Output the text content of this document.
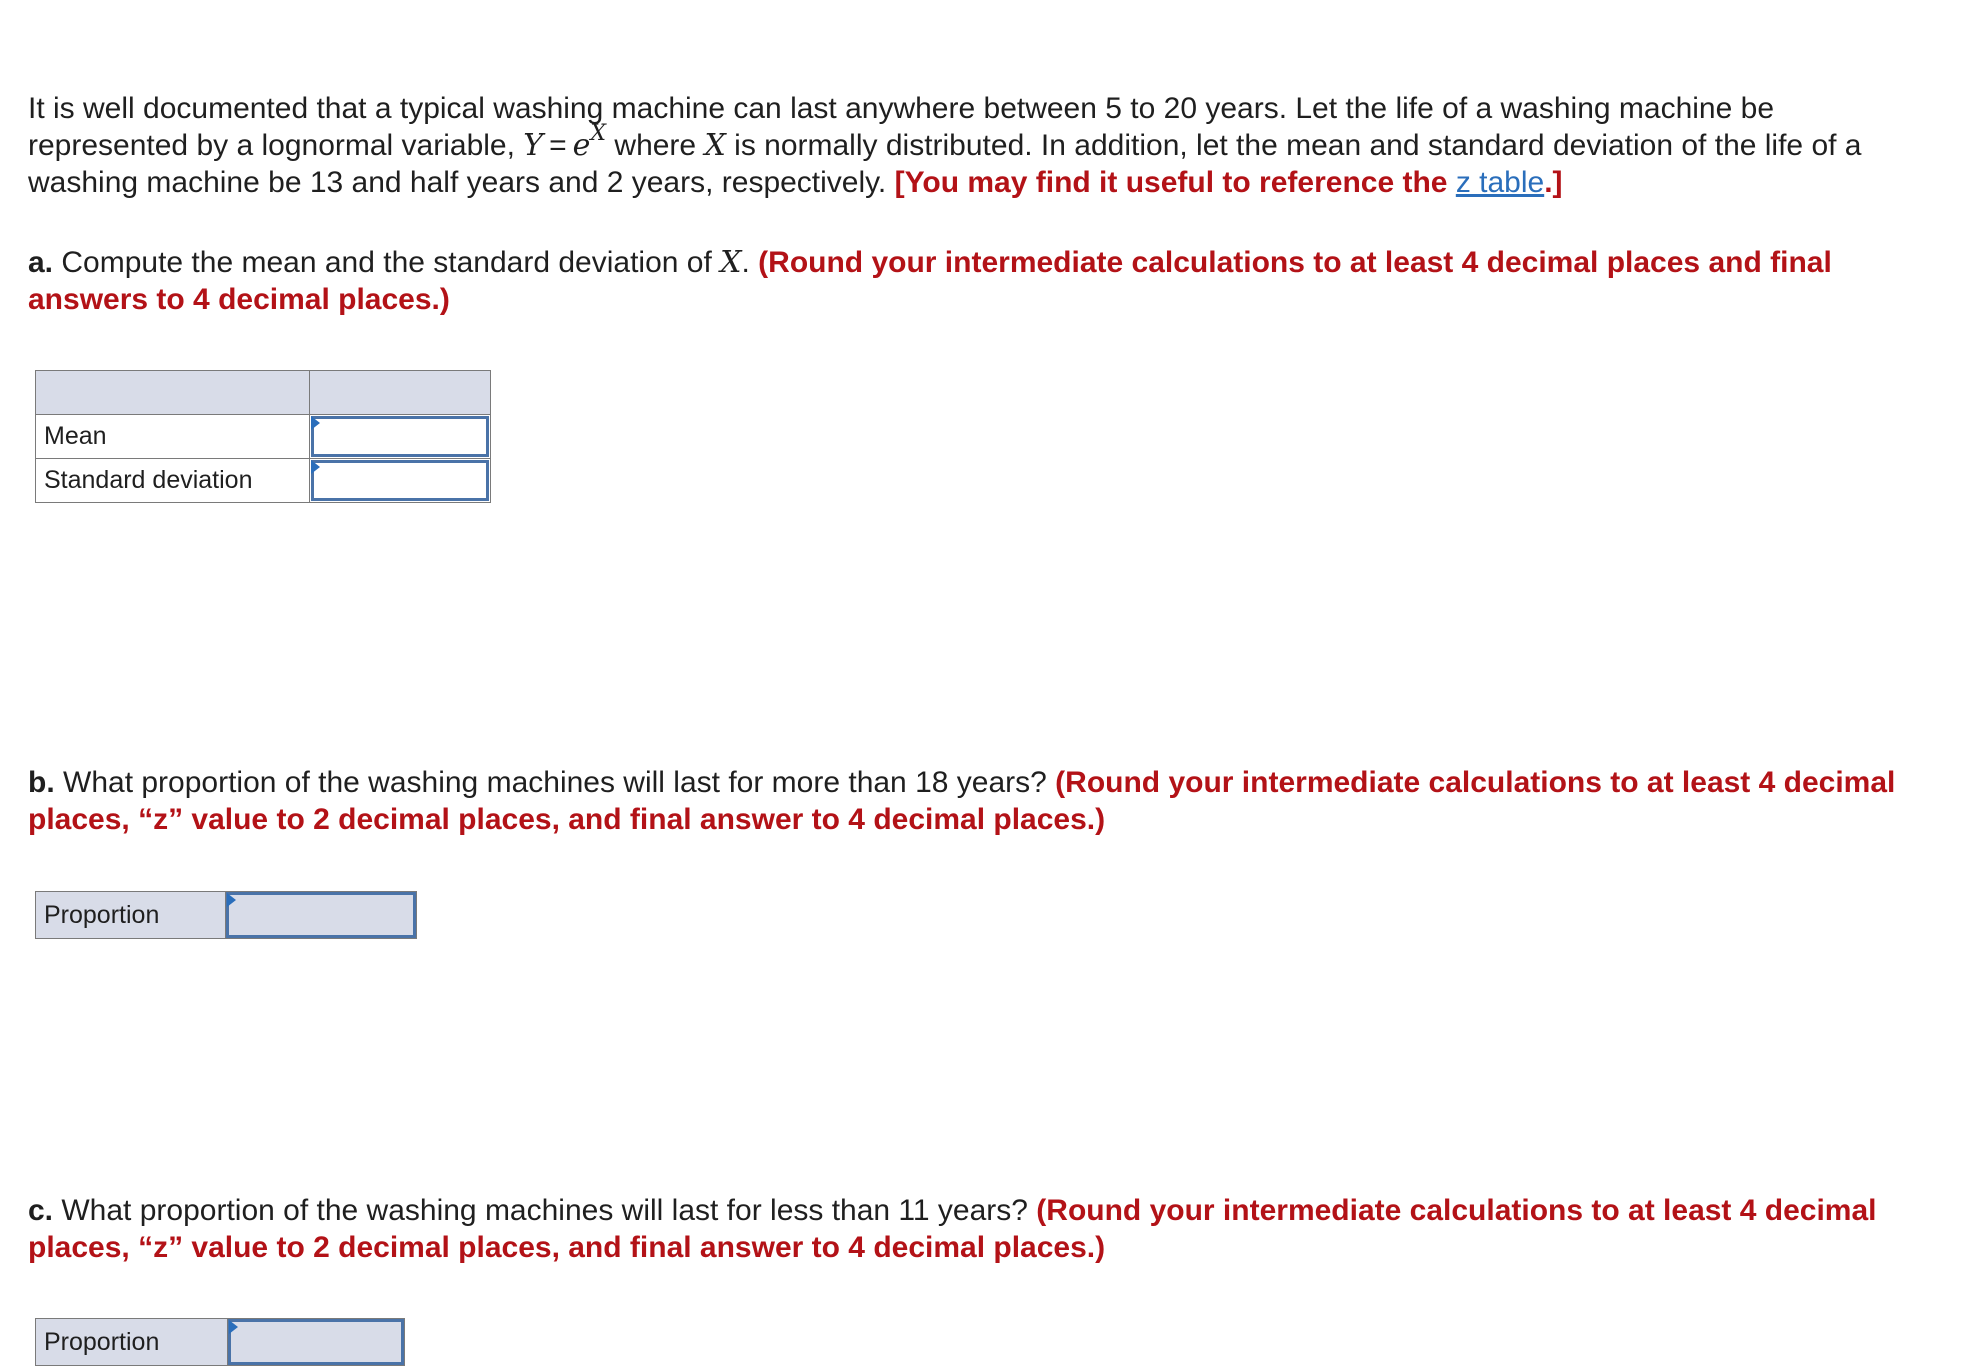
It is well documented that a typical washing machine can last anywhere between 5 to 20 years. Let the life of a washing machine be represented by a lognormal variable, $Y = e^X$ where X is normally distributed. In addition, let the mean and standard deviation of the life of a washing machine be 13 and half years and 2 years, respectively. [You may find it useful to reference the z table.]

a. Compute the mean and the standard deviation of X. (Round your intermediate calculations to at least 4 decimal places and final answers to 4 decimal places.)

Mean	

Standard deviation	

b. What proportion of the washing machines will last for more than 18 years? (Round your intermediate calculations to at least 4 decimal places, “z” value to 2 decimal places, and final answer to 4 decimal places.)

Proportion

c. What proportion of the washing machines will last for less than 11 years? (Round your intermediate calculations to at least 4 decimal places, “z” value to 2 decimal places, and final answer to 4 decimal places.)

Proportion
